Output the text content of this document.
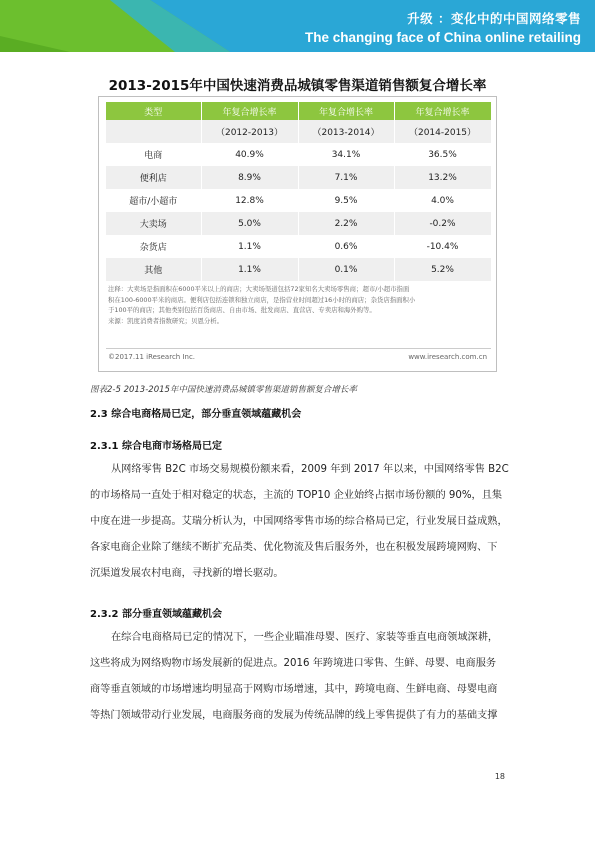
升级 ：变化中的中国网络零售
The changing face of China online retailing
2013-2015年中国快速消费品城镇零售渠道销售额复合增长率
类型	年复合增长率	年复合增长率	年复合增长率
	（2012-2013）	（2013-2014）	（2014-2015）
电商	40.9%	34.1%	36.5%
便利店	8.9%	7.1%	13.2%
超市/小超市	12.8%	9.5%	4.0%
大卖场	5.0%	2.2%	-0.2%
杂货店	1.1%	0.6%	-10.4%
其他	1.1%	0.1%	5.2%
注释：大卖场是指面积在6000平米以上的商店；大卖场渠道包括72家知名大卖场零售商；超市/小超市指面
积在100-6000平米的商店。便利店包括连锁和独立商店，是指营业时间超过16小时的商店；杂货店指面积小
于100平的商店；其他类别包括百货商店、自由市场、批发商店、直营店、专卖店和海外购等。
来源：凯度消费者指数研究；贝恩分析。
©2017.11 iResearch Inc.	www.iresearch.com.cn
图表2-5 2013-2015年中国快速消费品城镇零售渠道销售额复合增长率
2.3 综合电商格局已定，部分垂直领域蕴藏机会
2.3.1 综合电商市场格局已定
从网络零售 B2C 市场交易规模份额来看，2009 年到 2017 年以来，中国网络零售 B2C
的市场格局一直处于相对稳定的状态，主流的 TOP10 企业始终占据市场份额的 90%，且集
中度在进一步提高。艾瑞分析认为，中国网络零售市场的综合格局已定，行业发展日益成熟，
各家电商企业除了继续不断扩充品类、优化物流及售后服务外，也在积极发展跨境网购、下
沉渠道发展农村电商，寻找新的增长驱动。
2.3.2 部分垂直领域蕴藏机会
在综合电商格局已定的情况下，一些企业瞄准母婴、医疗、家装等垂直电商领域深耕，
这些将成为网络购物市场发展新的促进点。2016 年跨境进口零售、生鲜、母婴、电商服务
商等垂直领域的市场增速均明显高于网购市场增速，其中，跨境电商、生鲜电商、母婴电商
等热门领域带动行业发展，电商服务商的发展为传统品牌的线上零售提供了有力的基础支撑
18
